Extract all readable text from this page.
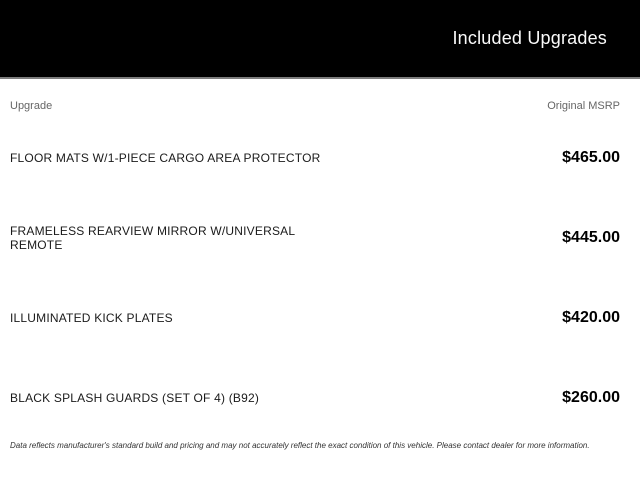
Included Upgrades
Upgrade	Original MSRP
FLOOR MATS W/1-PIECE CARGO AREA PROTECTOR	$465.00
FRAMELESS REARVIEW MIRROR W/UNIVERSAL REMOTE	$445.00
ILLUMINATED KICK PLATES	$420.00
BLACK SPLASH GUARDS (SET OF 4) (B92)	$260.00

Data reflects manufacturer's standard build and pricing and may not accurately reflect the exact condition of this vehicle. Please contact dealer for more information.
